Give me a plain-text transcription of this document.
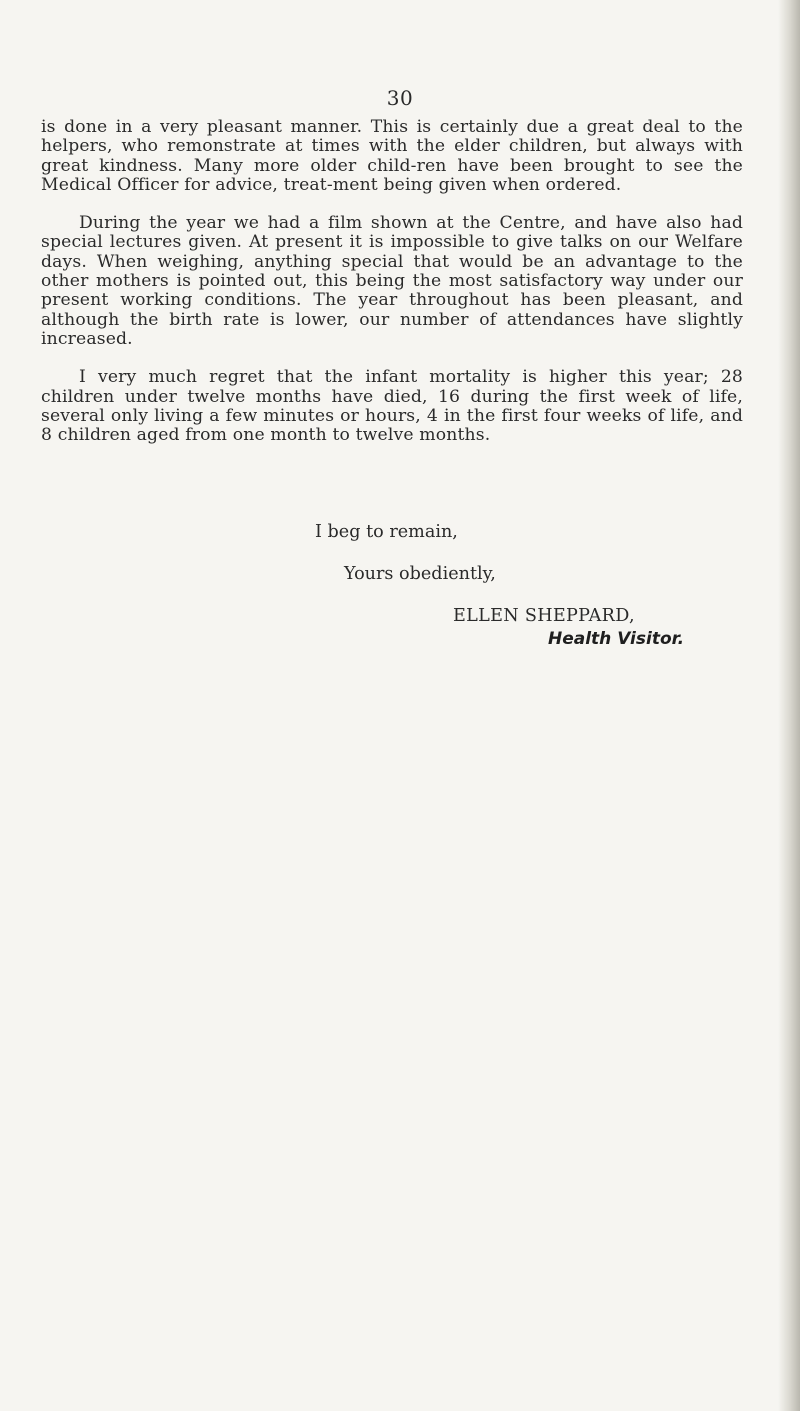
30

is done in a very pleasant manner. This is certainly due a great deal to the helpers, who remonstrate at times with the elder children, but always with great kindness. Many more older child-ren have been brought to see the Medical Officer for advice, treat-ment being given when ordered.

During the year we had a film shown at the Centre, and have also had special lectures given. At present it is impossible to give talks on our Welfare days. When weighing, anything special that would be an advantage to the other mothers is pointed out, this being the most satisfactory way under our present working conditions. The year throughout has been pleasant, and although the birth rate is lower, our number of attendances have slightly increased.

I very much regret that the infant mortality is higher this year; 28 children under twelve months have died, 16 during the first week of life, several only living a few minutes or hours, 4 in the first four weeks of life, and 8 children aged from one month to twelve months.

I beg to remain,
Yours obediently,
ELLEN SHEPPARD,
Health Visitor.
